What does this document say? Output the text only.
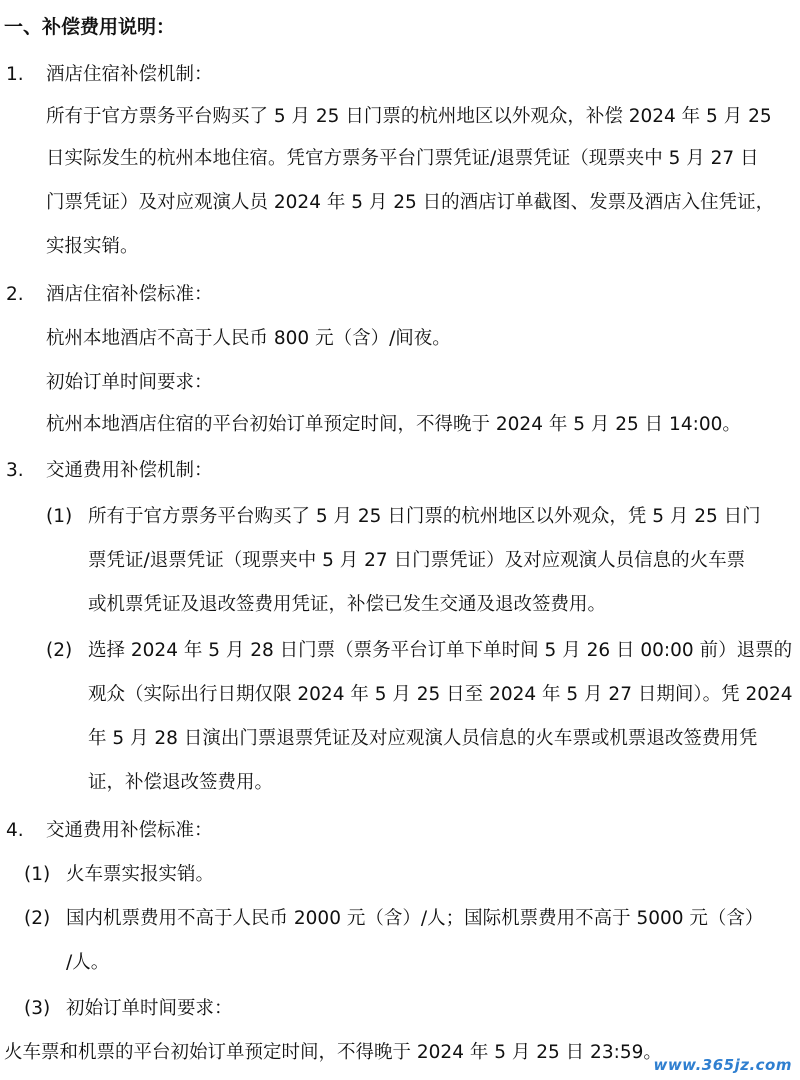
一、补偿费用说明：
1. 酒店住宿补偿机制：
所有于官方票务平台购买了 5 月 25 日门票的杭州地区以外观众，补偿 2024 年 5 月 25
日实际发生的杭州本地住宿。凭官方票务平台门票凭证/退票凭证（现票夹中 5 月 27 日
门票凭证）及对应观演人员 2024 年 5 月 25 日的酒店订单截图、发票及酒店入住凭证，
实报实销。
2. 酒店住宿补偿标准：
杭州本地酒店不高于人民币 800 元（含）/间夜。
初始订单时间要求：
杭州本地酒店住宿的平台初始订单预定时间，不得晚于 2024 年 5 月 25 日 14:00。
3. 交通费用补偿机制：
(1) 所有于官方票务平台购买了 5 月 25 日门票的杭州地区以外观众，凭 5 月 25 日门
票凭证/退票凭证（现票夹中 5 月 27 日门票凭证）及对应观演人员信息的火车票
或机票凭证及退改签费用凭证，补偿已发生交通及退改签费用。
(2) 选择 2024 年 5 月 28 日门票（票务平台订单下单时间 5 月 26 日 00:00 前）退票的
观众（实际出行日期仅限 2024 年 5 月 25 日至 2024 年 5 月 27 日期间）。凭 2024
年 5 月 28 日演出门票退票凭证及对应观演人员信息的火车票或机票退改签费用凭
证，补偿退改签费用。
4. 交通费用补偿标准：
(1) 火车票实报实销。
(2) 国内机票费用不高于人民币 2000 元（含）/人；国际机票费用不高于 5000 元（含）
/人。
(3) 初始订单时间要求：
火车票和机票的平台初始订单预定时间，不得晚于 2024 年 5 月 25 日 23:59。
www.365jz.com
